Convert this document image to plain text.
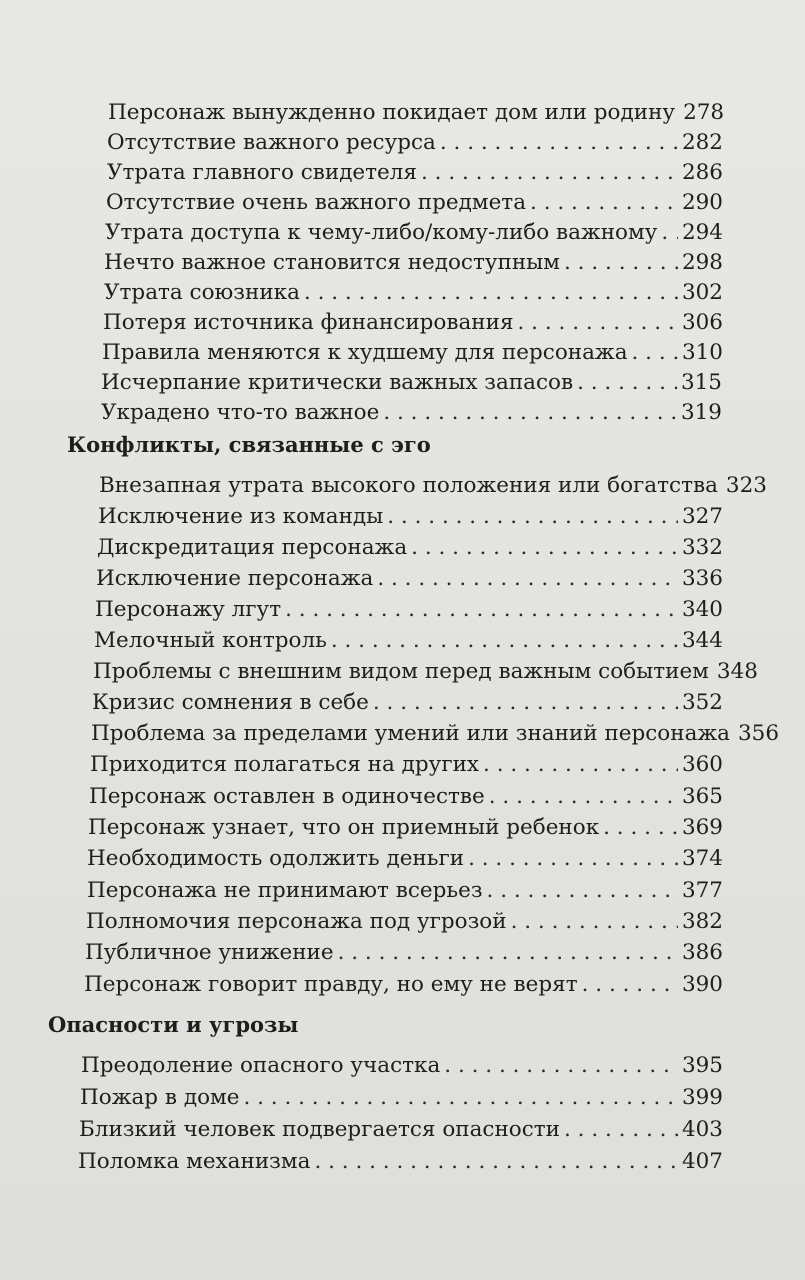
Персонаж вынужденно покидает дом или родину 278
Отсутствие важного ресурса . . .	282
Утрата главного свидетеля . . .	286
Отсутствие очень важного предмета . . .	290
Утрата доступа к чему-либо/кому-либо важному . . . 294
Нечто важное становится недоступным . . .	298
Утрата союзника . . .	302
Потеря источника финансирования . . .	306
Правила меняются к худшему для персонажа . . .	310
Исчерпание критически важных запасов . . .	315
Украдено что-то важное . . .	319
Конфликты, связанные с эго
Внезапная утрата высокого положения или богатства 323
Исключение из команды . . .	327
Дискредитация персонажа . . .	332
Исключение персонажа . . .	336
Персонажу лгут . . .	340
Мелочный контроль . . .	344
Проблемы с внешним видом перед важным событием 348
Кризис сомнения в себе . . .	352
Проблема за пределами умений или знаний персонажа 356
Приходится полагаться на других . . .	360
Персонаж оставлен в одиночестве . . .	365
Персонаж узнает, что он приемный ребенок . . .	369
Необходимость одолжить деньги . . .	374
Персонажа не принимают всерьез . . .	377
Полномочия персонажа под угрозой . . .	382
Публичное унижение . . .	386
Персонаж говорит правду, но ему не верят . . .	390
Опасности и угрозы
Преодоление опасного участка . . .	395
Пожар в доме . . .	399
Близкий человек подвергается опасности . . .	403
Поломка механизма . . .	407
